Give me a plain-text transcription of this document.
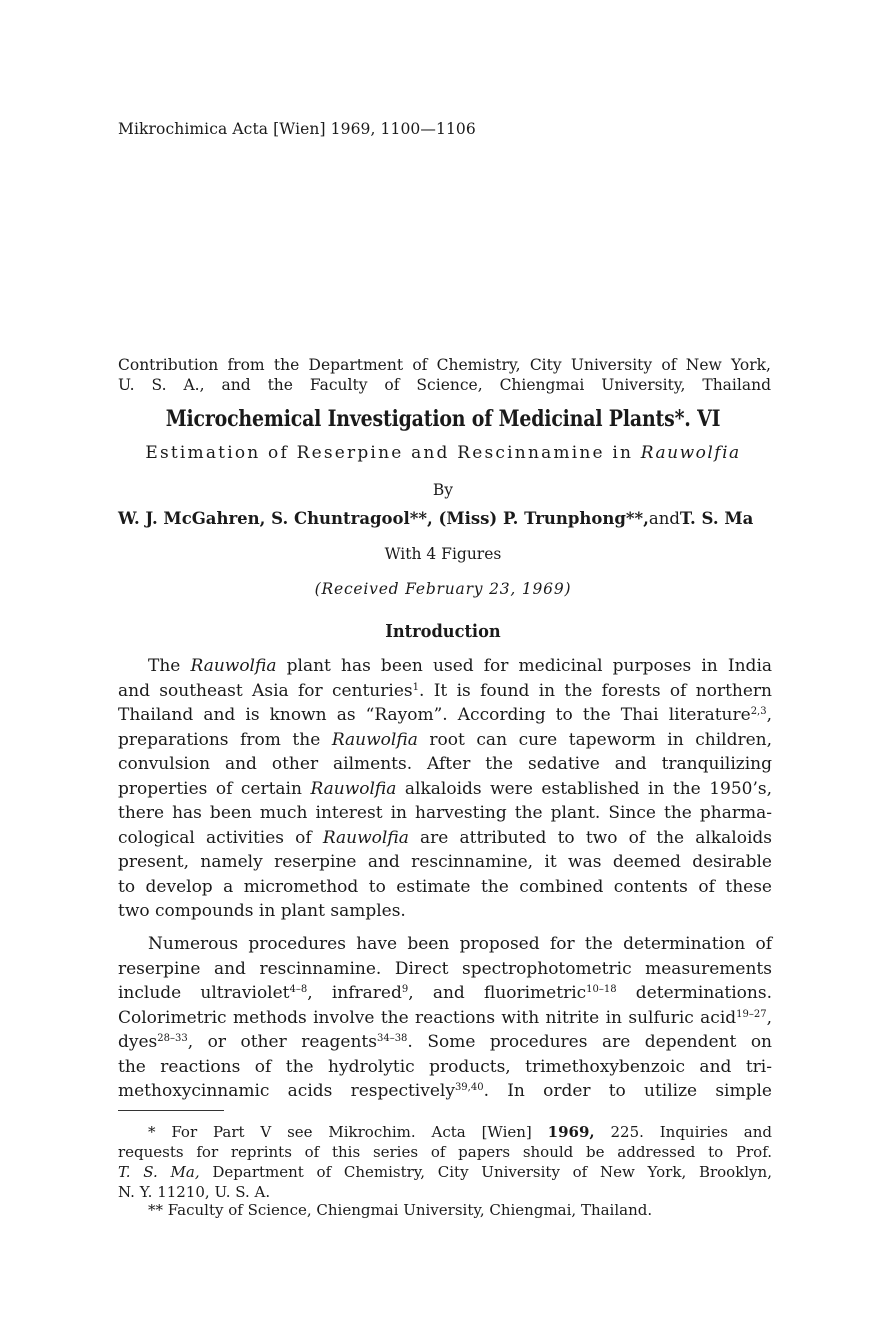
Mikrochimica Acta [Wien] 1969, 1100—1106
Contribution from the Department of Chemistry, City University of New York,
U. S. A., and the Faculty of Science, Chiengmai University, Thailand
Microchemical Investigation of Medicinal Plants*. VI
Estimation of Reserpine and Rescinnamine in Rauwolfia
By
W. J. McGahren, S. Chuntragool**, (Miss) P. Trunphong**, and T. S. Ma
With 4 Figures
(Received February 23, 1969)
Introduction
The Rauwolfia plant has been used for medicinal purposes in India
and southeast Asia for centuries$^1$. It is found in the forests of northern
Thailand and is known as “Rayom”. According to the Thai literature$^{2,3}$,
preparations from the Rauwolfia root can cure tapeworm in children,
convulsion and other ailments. After the sedative and tranquilizing
properties of certain Rauwolfia alkaloids were established in the 1950’s,
there has been much interest in harvesting the plant. Since the pharma-
cological activities of Rauwolfia are attributed to two of the alkaloids
present, namely reserpine and rescinnamine, it was deemed desirable
to develop a micromethod to estimate the combined contents of these
two compounds in plant samples.
Numerous procedures have been proposed for the determination of
reserpine and rescinnamine. Direct spectrophotometric measurements
include ultraviolet$^{4-8}$, infrared$^9$, and fluorimetric$^{10-18}$ determinations.
Colorimetric methods involve the reactions with nitrite in sulfuric acid$^{19-27}$,
dyes$^{28-33}$, or other reagents$^{34-38}$. Some procedures are dependent on
the reactions of the hydrolytic products, trimethoxybenzoic and tri-
methoxycinnamic acids respectively$^{39,40}$. In order to utilize simple
* For Part V see Mikrochim. Acta [Wien] 1969, 225. Inquiries and
requests for reprints of this series of papers should be addressed to Prof.
T. S. Ma, Department of Chemistry, City University of New York, Brooklyn,
N. Y. 11210, U. S. A.
** Faculty of Science, Chiengmai University, Chiengmai, Thailand.
